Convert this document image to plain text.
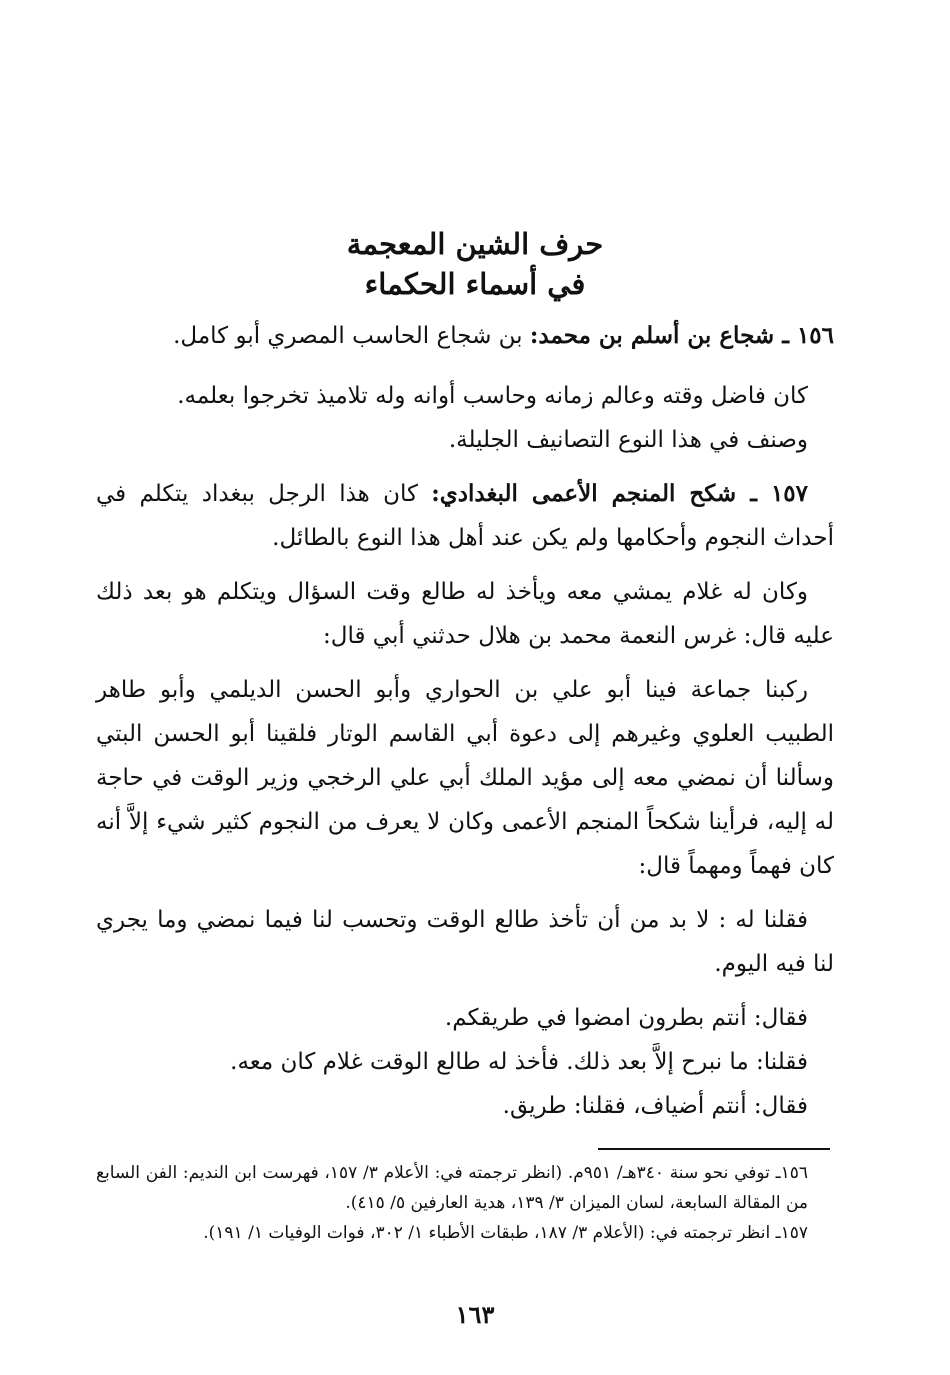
حرف الشين المعجمة
في أسماء الحكماء

١٥٦ ـ شجاع بن أسلم بن محمد: بن شجاع الحاسب المصري أبو كامل.

كان فاضل وقته وعالم زمانه وحاسب أوانه وله تلاميذ تخرجوا بعلمه.

وصنف في هذا النوع التصانيف الجليلة.

١٥٧ ـ شكح المنجم الأعمى البغدادي: كان هذا الرجل ببغداد يتكلم في أحداث النجوم وأحكامها ولم يكن عند أهل هذا النوع بالطائل.

وكان له غلام يمشي معه ويأخذ له طالع وقت السؤال ويتكلم هو بعد ذلك عليه قال: غرس النعمة محمد بن هلال حدثني أبي قال:

ركبنا جماعة فينا أبو علي بن الحواري وأبو الحسن الديلمي وأبو طاهر الطبيب العلوي وغيرهم إلى دعوة أبي القاسم الوتار فلقينا أبو الحسن البتي وسألنا أن نمضي معه إلى مؤيد الملك أبي علي الرخجي وزير الوقت في حاجة له إليه، فرأينا شكحاً المنجم الأعمى وكان لا يعرف من النجوم كثير شيء إلاَّ أنه كان فهماً ومهماً قال:

فقلنا له : لا بد من أن تأخذ طالع الوقت وتحسب لنا فيما نمضي وما يجري لنا فيه اليوم.

فقال: أنتم بطرون امضوا في طريقكم.

فقلنا: ما نبرح إلاَّ بعد ذلك. فأخذ له طالع الوقت غلام كان معه.

فقال: أنتم أضياف، فقلنا: طريق.

١٥٦ـ توفي نحو سنة ٣٤٠هـ/ ٩٥١م. (انظر ترجمته في: الأعلام ٣/ ١٥٧، فهرست ابن النديم: الفن السابع من المقالة السابعة، لسان الميزان ٣/ ١٣٩، هدية العارفين ٥/ ٤١٥).

١٥٧ـ انظر ترجمته في: (الأعلام ٣/ ١٨٧، طبقات الأطباء ١/ ٣٠٢، فوات الوفيات ١/ ١٩١).

١٦٣
